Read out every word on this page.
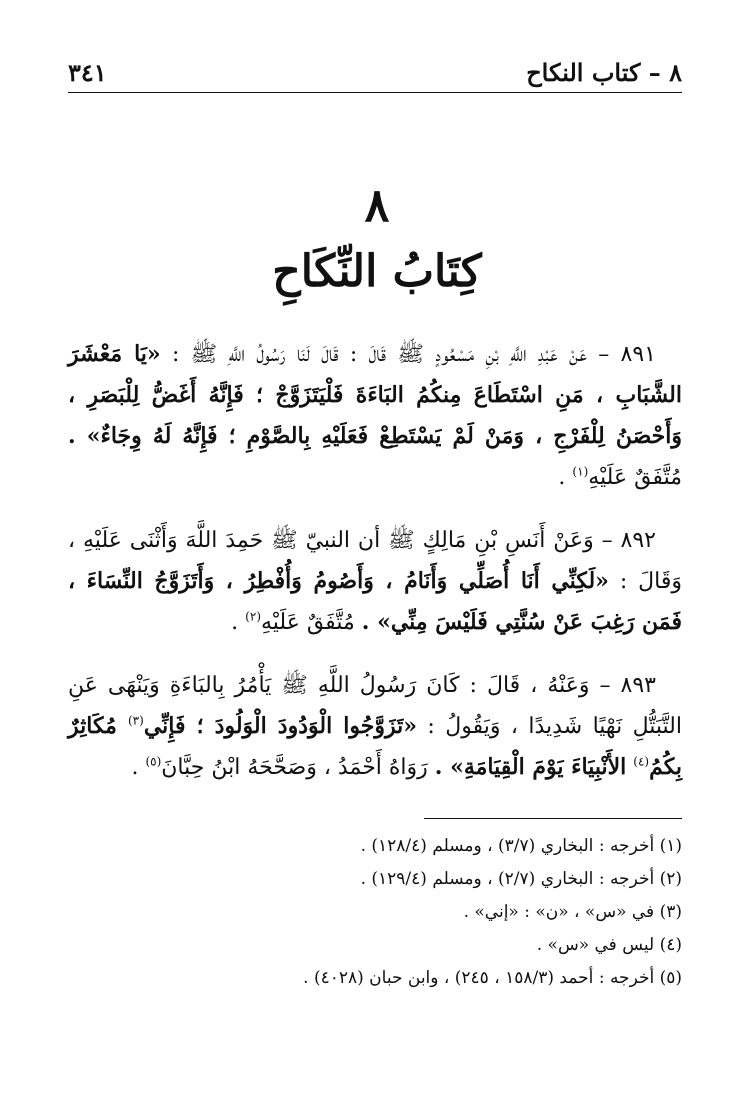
٨ – كتاب النكاح
٣٤١
٨
كِتَابُ النِّكَاحِ

٨٩١ – عَنْ عَبْدِ اللَّهِ بْنِ مَسْعُودٍ ﷺ قَالَ : قَالَ لَنَا رَسُولُ اللَّهِ ﷺ : «يَا مَعْشَرَ الشَّبَابِ ، مَنِ اسْتَطَاعَ مِنكُمُ البَاءَةَ فَلْيَتَزَوَّجْ ؛ فَإِنَّهُ أَغَضُّ لِلْبَصَرِ ، وَأَحْصَنُ لِلْفَرْجِ ، وَمَنْ لَمْ يَسْتَطِعْ فَعَلَيْهِ بِالصَّوْمِ ؛ فَإِنَّهُ لَهُ وِجَاءٌ» . مُتَّفَقٌ عَلَيْهِ$^{(١)}$ .

٨٩٢ – وَعَنْ أَنَسِ بْنِ مَالِكٍ ﷺ أن النبيّ ﷺ حَمِدَ اللَّهَ وَأَثْنَى عَلَيْهِ ، وَقَالَ : «لَكِنِّي أَنَا أُصَلِّي وَأَنَامُ ، وَأَصُومُ وَأُفْطِرُ ، وَأَتَزَوَّجُ النِّسَاءَ ، فَمَن رَغِبَ عَنْ سُنَّتِي فَلَيْسَ مِنِّي» . مُتَّفَقٌ عَلَيْهِ$^{(٢)}$ .

٨٩٣ – وَعَنْهُ ، قَالَ : كَانَ رَسُولُ اللَّهِ ﷺ يَأْمُرُ بِالبَاءَةِ وَيَنْهَى عَنِ التَّبَتُّلِ نَهْيًا شَدِيدًا ، وَيَقُولُ : «تَزَوَّجُوا الْوَدُودَ الْوَلُودَ ؛ فَإِنِّي$^{(٣)}$ مُكَاثِرٌ بِكُمُ$^{(٤)}$ الأَنْبِيَاءَ يَوْمَ الْقِيَامَةِ» . رَوَاهُ أَحْمَدُ ، وَصَحَّحَهُ ابْنُ حِبَّانَ$^{(٥)}$ .

(١) أخرجه : البخاري (٣/٧) ، ومسلم (١٢٨/٤) .
(٢) أخرجه : البخاري (٢/٧) ، ومسلم (١٢٩/٤) .
(٣) في «س» ، «ن» : «إني» .
(٤) ليس في «س» .
(٥) أخرجه : أحمد (١٥٨/٣ ، ٢٤٥) ، وابن حبان (٤٠٢٨) .
